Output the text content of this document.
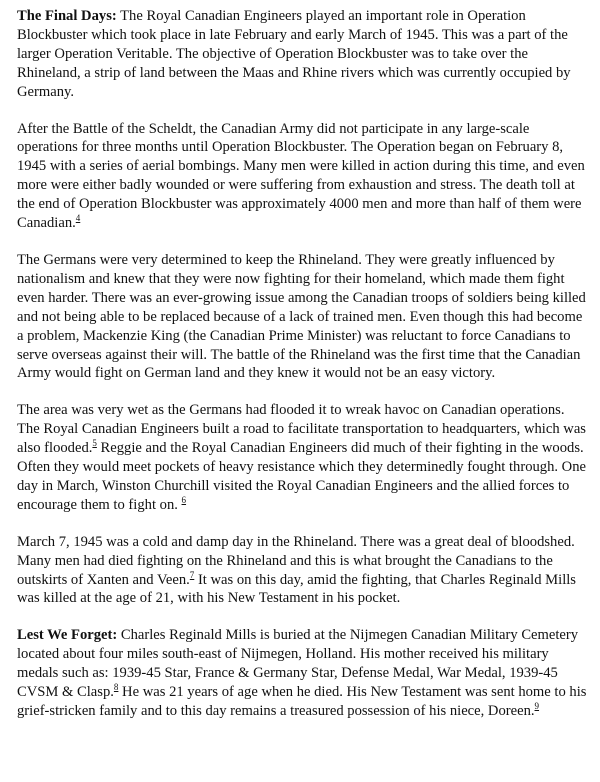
The Final Days: The Royal Canadian Engineers played an important role in Operation Blockbuster which took place in late February and early March of 1945. This was a part of the larger Operation Veritable. The objective of Operation Blockbuster was to take over the Rhineland, a strip of land between the Maas and Rhine rivers which was currently occupied by Germany.

After the Battle of the Scheldt, the Canadian Army did not participate in any large-scale operations for three months until Operation Blockbuster. The Operation began on February 8, 1945 with a series of aerial bombings. Many men were killed in action during this time, and even more were either badly wounded or were suffering from exhaustion and stress. The death toll at the end of Operation Blockbuster was approximately 4000 men and more than half of them were Canadian.$^4$

The Germans were very determined to keep the Rhineland. They were greatly influenced by nationalism and knew that they were now fighting for their homeland, which made them fight even harder. There was an ever-growing issue among the Canadian troops of soldiers being killed and not being able to be replaced because of a lack of trained men. Even though this had become a problem, Mackenzie King (the Canadian Prime Minister) was reluctant to force Canadians to serve overseas against their will. The battle of the Rhineland was the first time that the Canadian Army would fight on German land and they knew it would not be an easy victory.

The area was very wet as the Germans had flooded it to wreak havoc on Canadian operations. The Royal Canadian Engineers built a road to facilitate transportation to headquarters, which was also flooded.$^5$ Reggie and the Royal Canadian Engineers did much of their fighting in the woods. Often they would meet pockets of heavy resistance which they determinedly fought through. One day in March, Winston Churchill visited the Royal Canadian Engineers and the allied forces to encourage them to fight on. $^6$

March 7, 1945 was a cold and damp day in the Rhineland. There was a great deal of bloodshed. Many men had died fighting on the Rhineland and this is what brought the Canadians to the outskirts of Xanten and Veen.$^7$ It was on this day, amid the fighting, that Charles Reginald Mills was killed at the age of 21, with his New Testament in his pocket.

Lest We Forget: Charles Reginald Mills is buried at the Nijmegen Canadian Military Cemetery located about four miles south-east of Nijmegen, Holland. His mother received his military medals such as: 1939-45 Star, France & Germany Star, Defense Medal, War Medal, 1939-45 CVSM & Clasp.$^8$ He was 21 years of age when he died. His New Testament was sent home to his grief-stricken family and to this day remains a treasured possession of his niece, Doreen.$^9$
